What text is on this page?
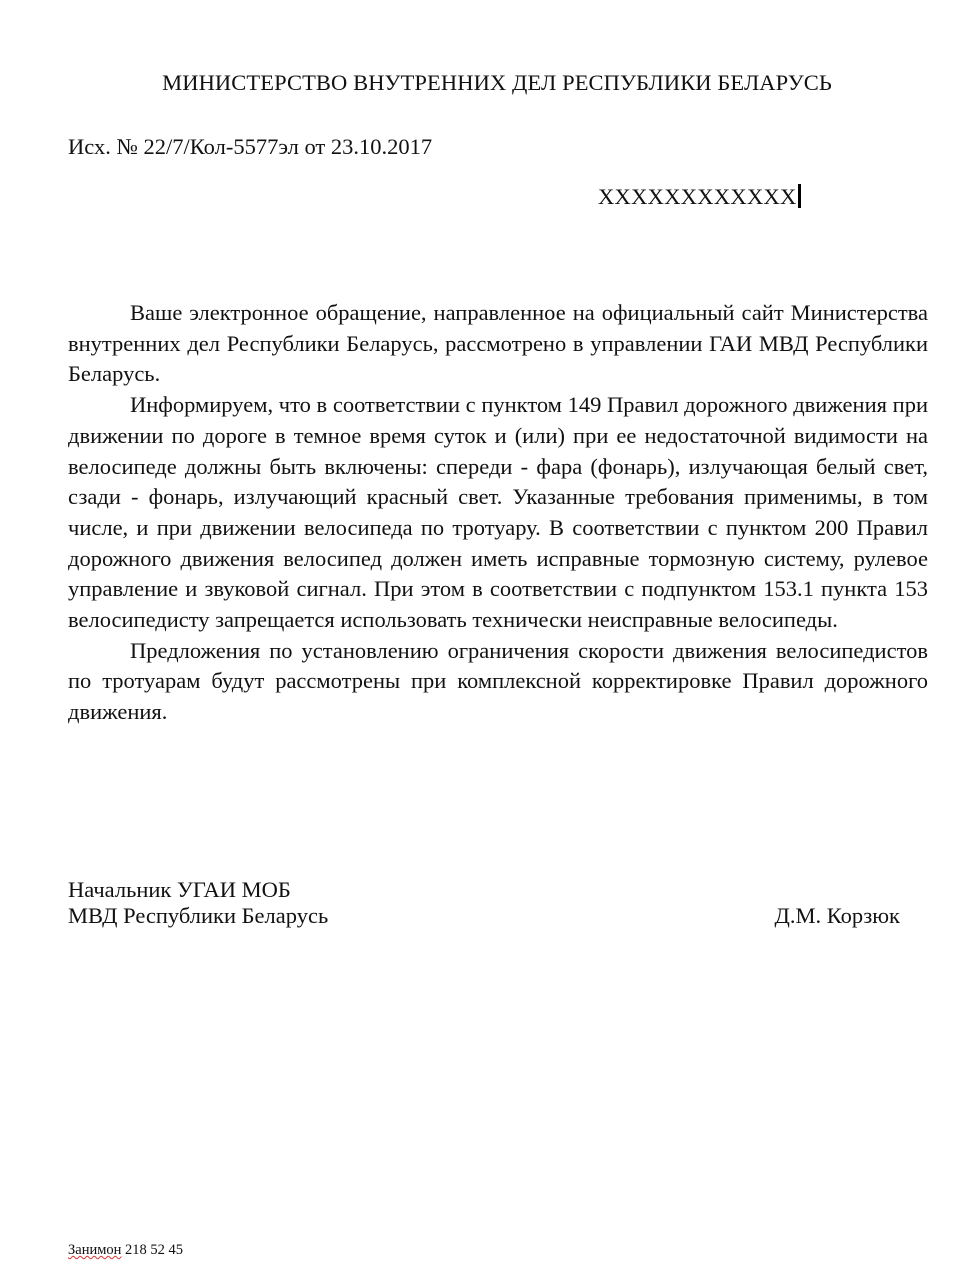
МИНИСТЕРСТВО ВНУТРЕННИХ ДЕЛ РЕСПУБЛИКИ БЕЛАРУСЬ
Исх. № 22/7/Кол-5577эл от 23.10.2017
XXXXXXXXXXXX

Ваше электронное обращение, направленное на официальный сайт Министерства внутренних дел Республики Беларусь, рассмотрено в управлении ГАИ МВД Республики Беларусь.

Информируем, что в соответствии с пунктом 149 Правил дорожного движения при движении по дороге в темное время суток и (или) при ее недостаточной видимости на велосипеде должны быть включены: спереди - фара (фонарь), излучающая белый свет, сзади - фонарь, излучающий красный свет. Указанные требования применимы, в том числе, и при движении велосипеда по тротуару. В соответствии с пунктом 200 Правил дорожного движения велосипед должен иметь исправные тормозную систему, рулевое управление и звуковой сигнал. При этом в соответствии с подпунктом 153.1 пункта 153 велосипедисту запрещается использовать технически неисправные велосипеды.

Предложения по установлению ограничения скорости движения велосипедистов по тротуарам будут рассмотрены при комплексной корректировке Правил дорожного движения.

Начальник УГАИ МОБ
МВД Республики Беларусь	Д.М. Корзюк
Занимон 218 52 45
